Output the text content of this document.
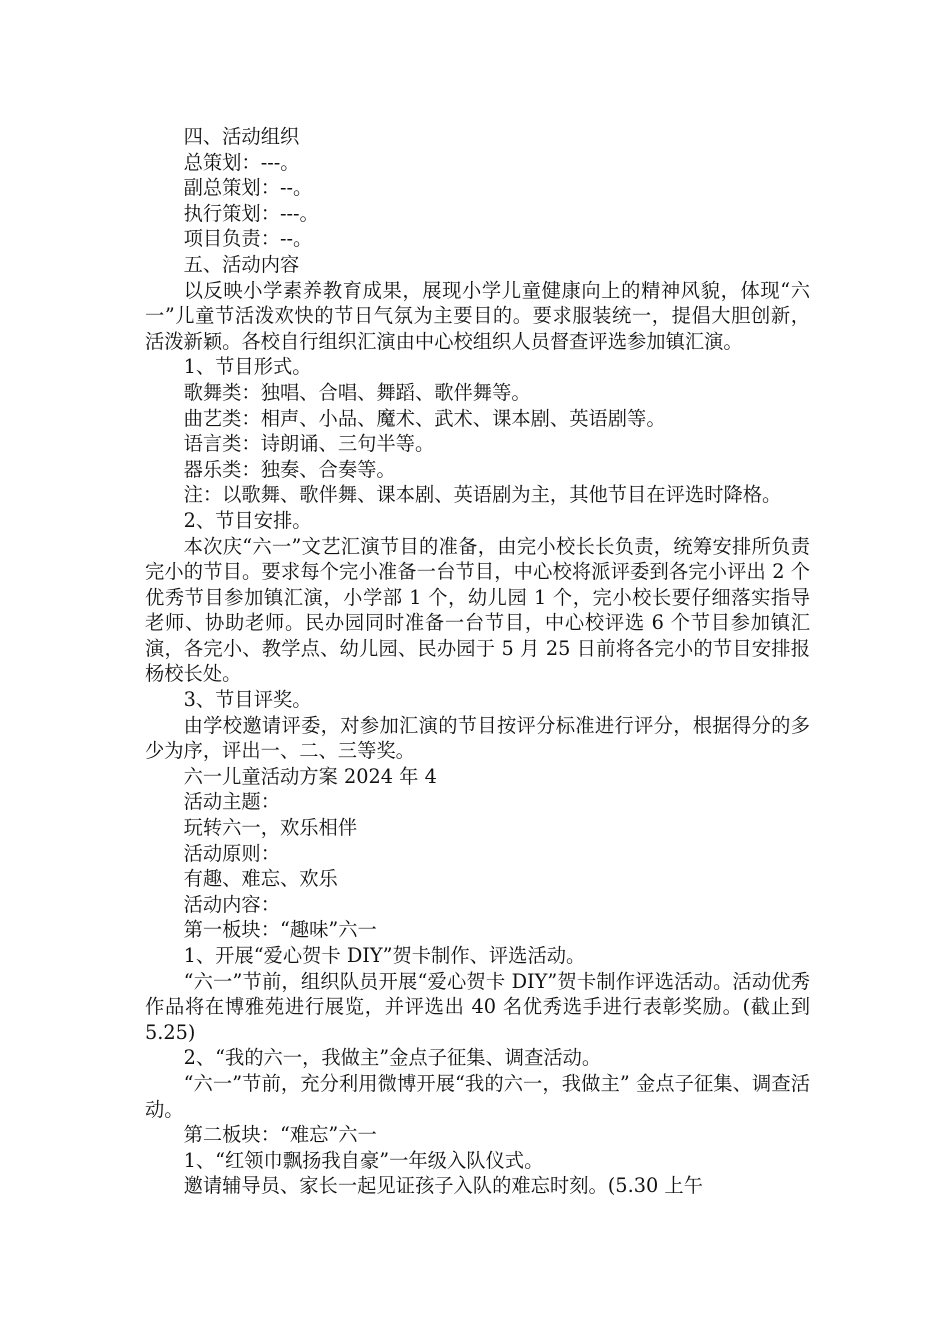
四、活动组织

总策划：---。

副总策划：--。

执行策划：---。

项目负责：--。

五、活动内容

以反映小学素养教育成果，展现小学儿童健康向上的精神风貌，体现“六一”儿童节活泼欢快的节日气氛为主要目的。要求服装统一，提倡大胆创新，活泼新颖。各校自行组织汇演由中心校组织人员督查评选参加镇汇演。

1、节目形式。

歌舞类：独唱、合唱、舞蹈、歌伴舞等。

曲艺类：相声、小品、魔术、武术、课本剧、英语剧等。

语言类：诗朗诵、三句半等。

器乐类：独奏、合奏等。

注：以歌舞、歌伴舞、课本剧、英语剧为主，其他节目在评选时降格。

2、节目安排。

本次庆“六一”文艺汇演节目的准备，由完小校长长负责，统筹安排所负责完小的节目。要求每个完小准备一台节目，中心校将派评委到各完小评出 2 个优秀节目参加镇汇演，小学部 1 个，幼儿园 1 个，完小校长要仔细落实指导老师、协助老师。民办园同时准备一台节目，中心校评选 6 个节目参加镇汇演，各完小、教学点、幼儿园、民办园于 5 月 25 日前将各完小的节目安排报杨校长处。

3、节目评奖。

由学校邀请评委，对参加汇演的节目按评分标准进行评分，根据得分的多少为序，评出一、二、三等奖。

六一儿童活动方案 2024 年 4

活动主题：

玩转六一，欢乐相伴

活动原则：

有趣、难忘、欢乐

活动内容：

第一板块：“趣味”六一

1、开展“爱心贺卡 DIY”贺卡制作、评选活动。

“六一”节前，组织队员开展“爱心贺卡 DIY”贺卡制作评选活动。活动优秀作品将在博雅苑进行展览，并评选出 40 名优秀选手进行表彰奖励。(截止到 5.25)

2、“我的六一，我做主”金点子征集、调查活动。

“六一”节前，充分利用微博开展“我的六一，我做主” 金点子征集、调查活动。

第二板块：“难忘”六一

1、“红领巾飘扬我自豪”一年级入队仪式。

邀请辅导员、家长一起见证孩子入队的难忘时刻。(5.30 上午
